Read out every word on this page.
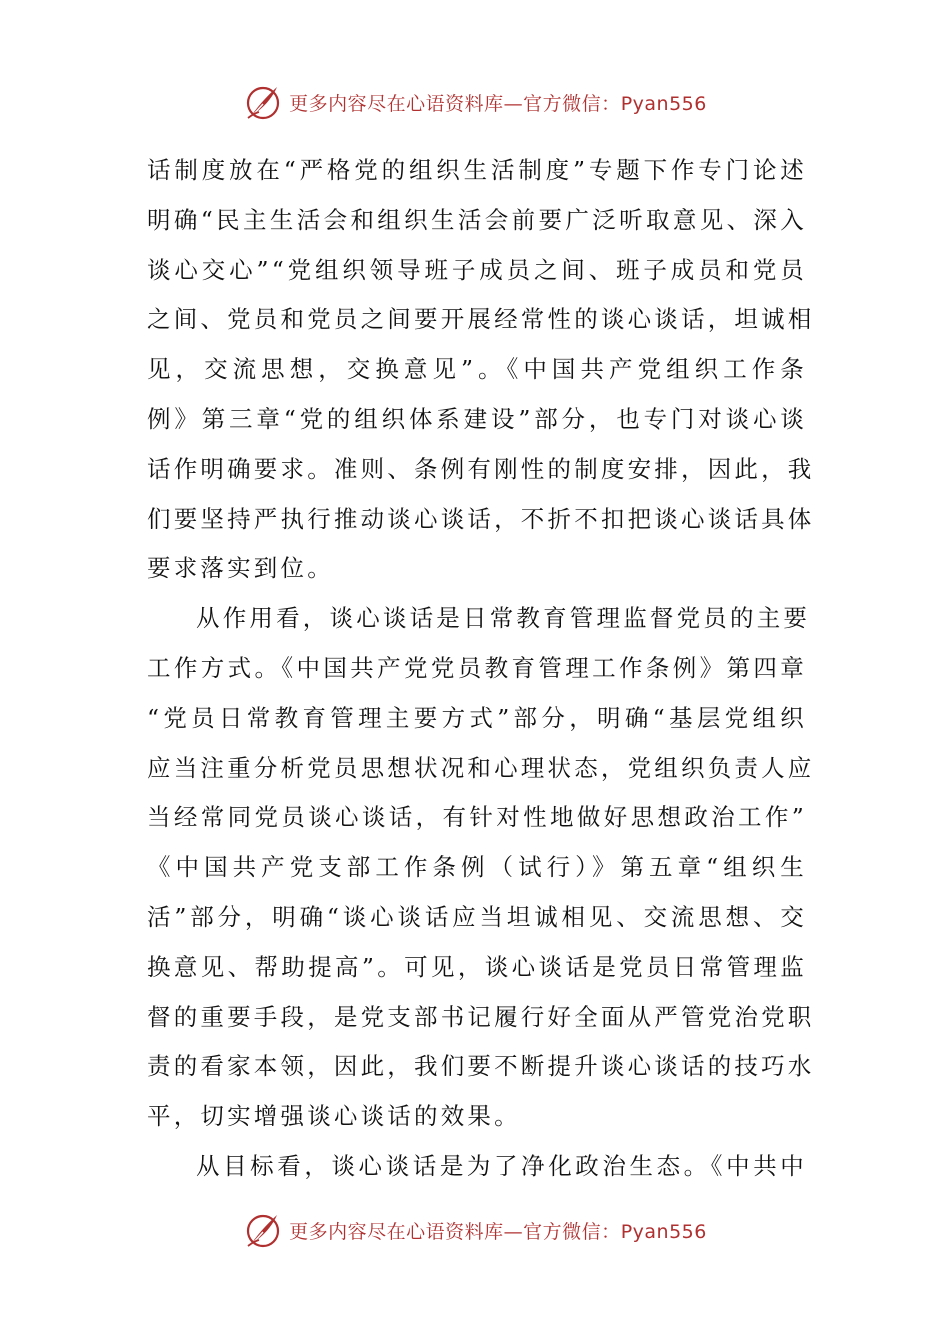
更多内容尽在心语资料库—官方微信：Pyan556
话制度放在“严格党的组织生活制度”专题下作专门论述
明确“民主生活会和组织生活会前要广泛听取意见、深入
谈心交心”“党组织领导班子成员之间、班子成员和党员
之间、党员和党员之间要开展经常性的谈心谈话，坦诚相
见，交流思想，交换意见”。《中国共产党组织工作条
例》第三章“党的组织体系建设”部分，也专门对谈心谈
话作明确要求。准则、条例有刚性的制度安排，因此，我
们要坚持严执行推动谈心谈话，不折不扣把谈心谈话具体
要求落实到位。
从作用看，谈心谈话是日常教育管理监督党员的主要
工作方式。《中国共产党党员教育管理工作条例》第四章
“党员日常教育管理主要方式”部分，明确“基层党组织
应当注重分析党员思想状况和心理状态，党组织负责人应
当经常同党员谈心谈话，有针对性地做好思想政治工作”
《中国共产党支部工作条例（试行）》第五章“组织生
活”部分，明确“谈心谈话应当坦诚相见、交流思想、交
换意见、帮助提高”。可见，谈心谈话是党员日常管理监
督的重要手段，是党支部书记履行好全面从严管党治党职
责的看家本领，因此，我们要不断提升谈心谈话的技巧水
平，切实增强谈心谈话的效果。
从目标看，谈心谈话是为了净化政治生态。《中共中
更多内容尽在心语资料库—官方微信：Pyan556
